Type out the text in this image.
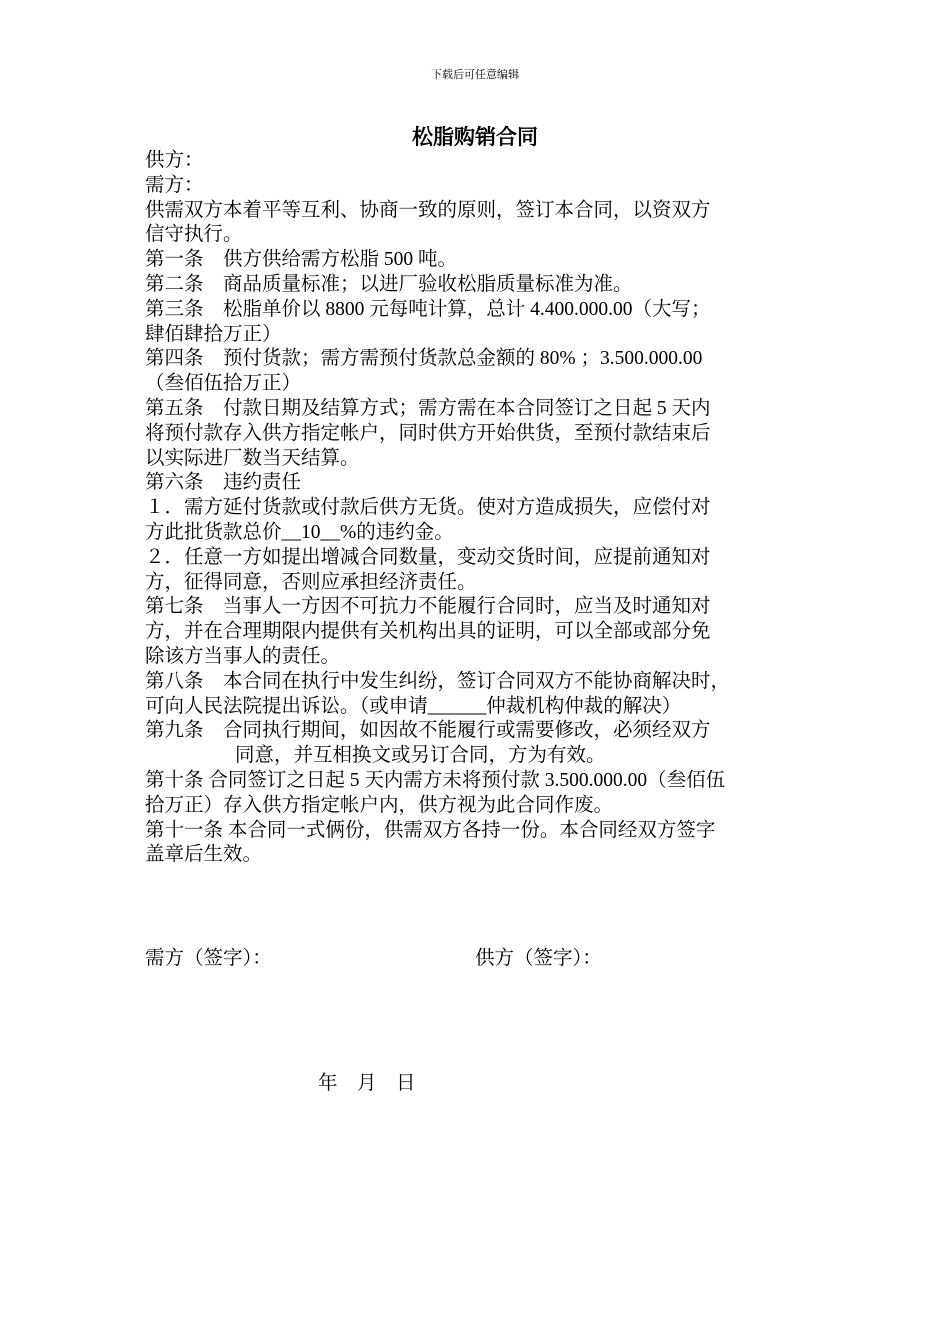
下载后可任意编辑
松脂购销合同

供方：

需方：

供需双方本着平等互利、协商一致的原则，签订本合同，以资双方

信守执行。

第一条　供方供给需方松脂 500 吨。

第二条　商品质量标准；以进厂验收松脂质量标准为准。

第三条　松脂单价以 8800 元每吨计算，总计 4.400.000.00（大写；

肆佰肆拾万正）

第四条　预付货款；需方需预付货款总金额的 80% ；3.500.000.00

（叁佰伍拾万正）

第五条　付款日期及结算方式；需方需在本合同签订之日起 5 天内

将预付款存入供方指定帐户，同时供方开始供货，至预付款结束后

以实际进厂数当天结算。

第六条　违约责任

１．需方延付货款或付款后供方无货。使对方造成损失，应偿付对

方此批货款总价__10__%的违约金。

２．任意一方如提出增减合同数量，变动交货时间，应提前通知对

方，征得同意，否则应承担经济责任。

第七条　当事人一方因不可抗力不能履行合同时，应当及时通知对

方，并在合理期限内提供有关机构出具的证明，可以全部或部分免

除该方当事人的责任。

第八条　本合同在执行中发生纠纷，签订合同双方不能协商解决时，

可向人民法院提出诉讼。（或申请______仲裁机构仲裁的解决）

第九条　合同执行期间，如因故不能履行或需要修改，必须经双方

同意，并互相换文或另订合同，方为有效。

第十条 合同签订之日起 5 天内需方未将预付款 3.500.000.00（叁佰伍

拾万正）存入供方指定帐户内，供方视为此合同作废。

第十一条 本合同一式俩份，供需双方各持一份。本合同经双方签字

盖章后生效。

需方（签字）：	供方（签字）：
年　月　日
